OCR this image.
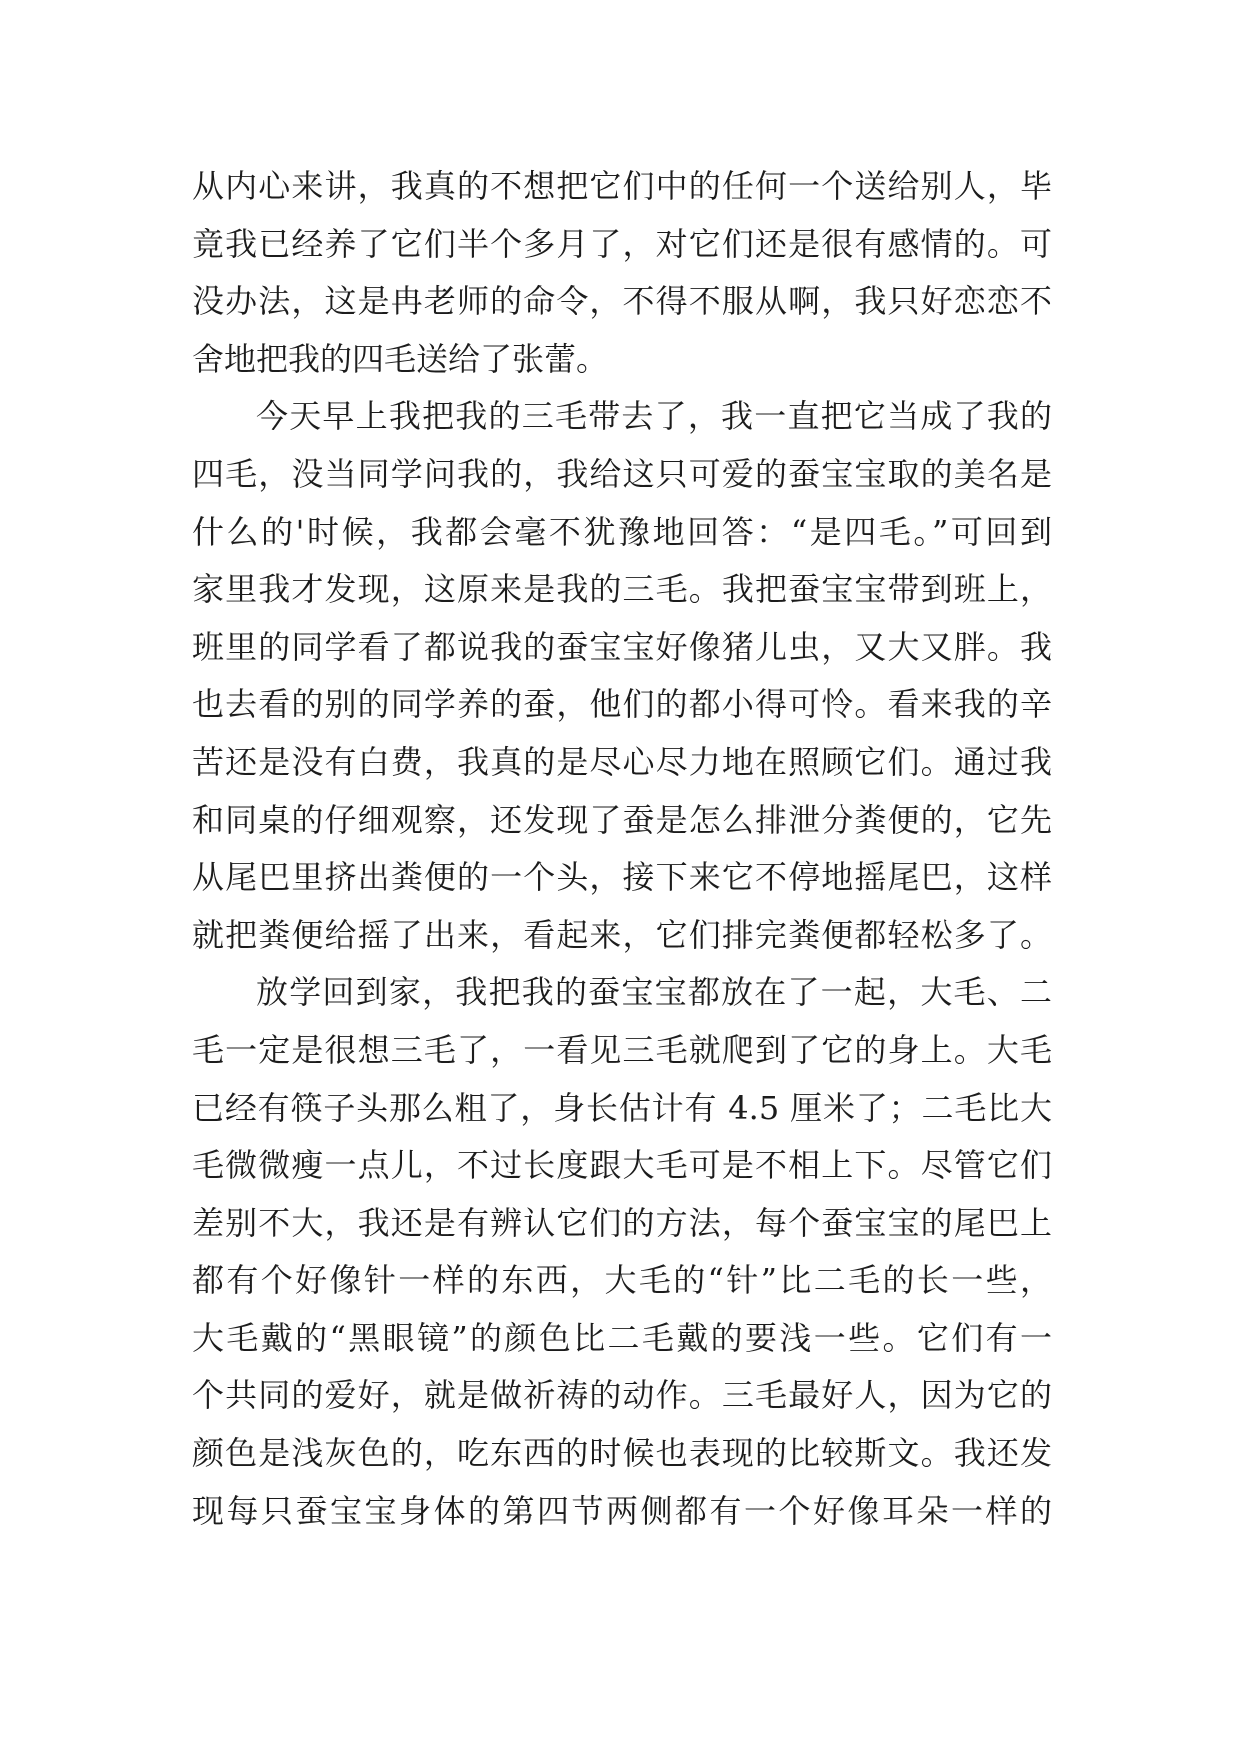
从内心来讲，我真的不想把它们中的任何一个送给别人，毕
竟我已经养了它们半个多月了，对它们还是很有感情的。可
没办法，这是冉老师的命令，不得不服从啊，我只好恋恋不
舍地把我的四毛送给了张蕾。
今天早上我把我的三毛带去了，我一直把它当成了我的
四毛，没当同学问我的，我给这只可爱的蚕宝宝取的美名是
什么的'时候，我都会毫不犹豫地回答：“是四毛。”可回到
家里我才发现，这原来是我的三毛。我把蚕宝宝带到班上，
班里的同学看了都说我的蚕宝宝好像猪儿虫，又大又胖。我
也去看的别的同学养的蚕，他们的都小得可怜。看来我的辛
苦还是没有白费，我真的是尽心尽力地在照顾它们。通过我
和同桌的仔细观察，还发现了蚕是怎么排泄分粪便的，它先
从尾巴里挤出粪便的一个头，接下来它不停地摇尾巴，这样
就把粪便给摇了出来，看起来，它们排完粪便都轻松多了。
放学回到家，我把我的蚕宝宝都放在了一起，大毛、二
毛一定是很想三毛了，一看见三毛就爬到了它的身上。大毛
已经有筷子头那么粗了，身长估计有 4.5 厘米了；二毛比大
毛微微瘦一点儿，不过长度跟大毛可是不相上下。尽管它们
差别不大，我还是有辨认它们的方法，每个蚕宝宝的尾巴上
都有个好像针一样的东西，大毛的“针”比二毛的长一些，
大毛戴的“黑眼镜”的颜色比二毛戴的要浅一些。它们有一
个共同的爱好，就是做祈祷的动作。三毛最好人，因为它的
颜色是浅灰色的，吃东西的时候也表现的比较斯文。我还发
现每只蚕宝宝身体的第四节两侧都有一个好像耳朵一样的
